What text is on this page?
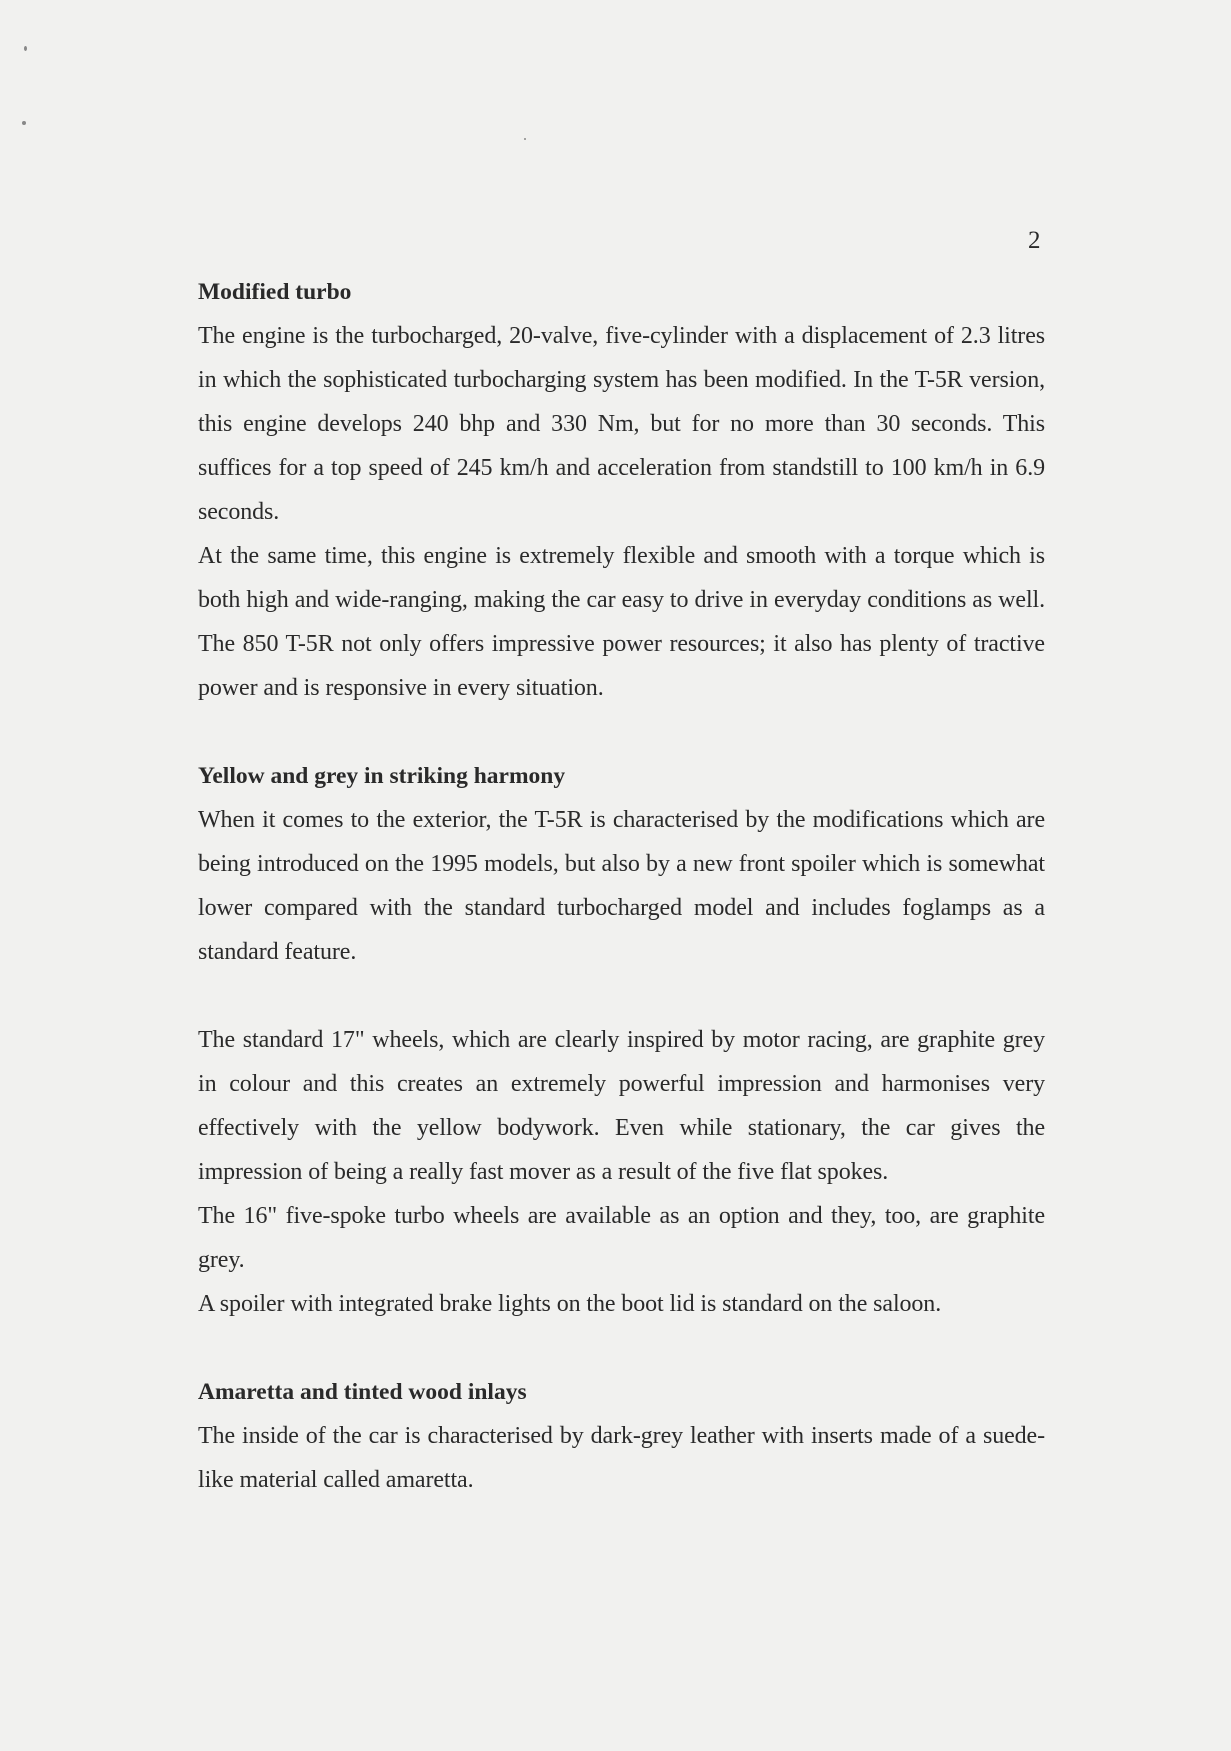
2
Modified turbo

The engine is the turbocharged, 20-valve, five-cylinder with a displacement of 2.3 litres in which the sophisticated turbocharging system has been modified. In the T-5R version, this engine develops 240 bhp and 330 Nm, but for no more than 30 seconds. This suffices for a top speed of 245 km/h and acceleration from standstill to 100 km/h in 6.9 seconds.

At the same time, this engine is extremely flexible and smooth with a torque which is both high and wide-ranging, making the car easy to drive in everyday conditions as well. The 850 T-5R not only offers impressive power resources; it also has plenty of tractive power and is responsive in every situation.

Yellow and grey in striking harmony

When it comes to the exterior, the T-5R is characterised by the modifications which are being introduced on the 1995 models, but also by a new front spoiler which is somewhat lower compared with the standard turbocharged model and includes foglamps as a standard feature.

The standard 17" wheels, which are clearly inspired by motor racing, are graphite grey in colour and this creates an extremely powerful impression and harmonises very effectively with the yellow bodywork. Even while stationary, the car gives the impression of being a really fast mover as a result of the five flat spokes.

The 16" five-spoke turbo wheels are available as an option and they, too, are graphite grey.

A spoiler with integrated brake lights on the boot lid is standard on the saloon.

Amaretta and tinted wood inlays

The inside of the car is characterised by dark-grey leather with inserts made of a suede-like material called amaretta.
